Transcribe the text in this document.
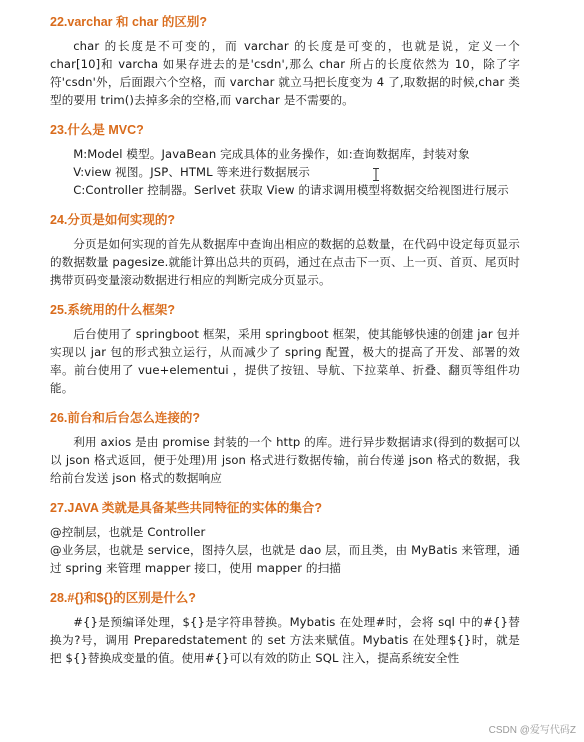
22.varchar 和 char 的区别?

char 的长度是不可变的，而 varchar 的长度是可变的，也就是说，定义一个char[10]和 varcha 如果存进去的是'csdn',那么 char 所占的长度依然为 10，除了字符'csdn'外，后面跟六个空格，而 varchar 就立马把长度变为 4 了,取数据的时候,char 类型的要用 trim()去掉多余的空格,而 varchar 是不需要的。

23.什么是 MVC?

M:Model 模型。JavaBean 完成具体的业务操作，如:查询数据库，封装对象

V:view 视图。JSP、HTML 等来进行数据展示

C:Controller 控制器。Serlvet 获取 View 的请求调用模型将数据交给视图进行展示

24.分页是如何实现的?

分页是如何实现的首先从数据库中查询出相应的数据的总数量，在代码中设定每页显示的数据数量 pagesize.就能计算出总共的页码，通过在点击下一页、上一页、首页、尾页时携带页码变量滚动数据进行相应的判断完成分页显示。

25.系统用的什么框架?

后台使用了 springboot 框架，采用 springboot 框架，使其能够快速的创建 jar 包并实现以 jar 包的形式独立运行，从而减少了 spring 配置，极大的提高了开发、部署的效率。前台使用了 vue+elementui ，提供了按钮、导航、下拉菜单、折叠、翻页等组件功能。

26.前台和后台怎么连接的?

利用 axios 是由 promise 封装的一个 http 的库。进行异步数据请求(得到的数据可以以 json 格式返回，便于处理)用 json 格式进行数据传输，前台传递 json 格式的数据，我给前台发送 json 格式的数据响应

27.JAVA 类就是具备某些共同特征的实体的集合?

@控制层，也就是 Controller

@业务层，也就是 service，图持久层，也就是 dao 层，而且类，由 MyBatis 来管理，通过 spring 来管理 mapper 接口，使用 mapper 的扫描

28.#{}和${}的区别是什么?

#{}是预编译处理，${}是字符串替换。Mybatis 在处理#时，会将 sql 中的#{}替换为?号，调用 Preparedstatement 的 set 方法来赋值。Mybatis 在处理${}时，就是把 ${}替换成变量的值。使用#{}可以有效的防止 SQL 注入，提高系统安全性

CSDN @爱写代码Z
